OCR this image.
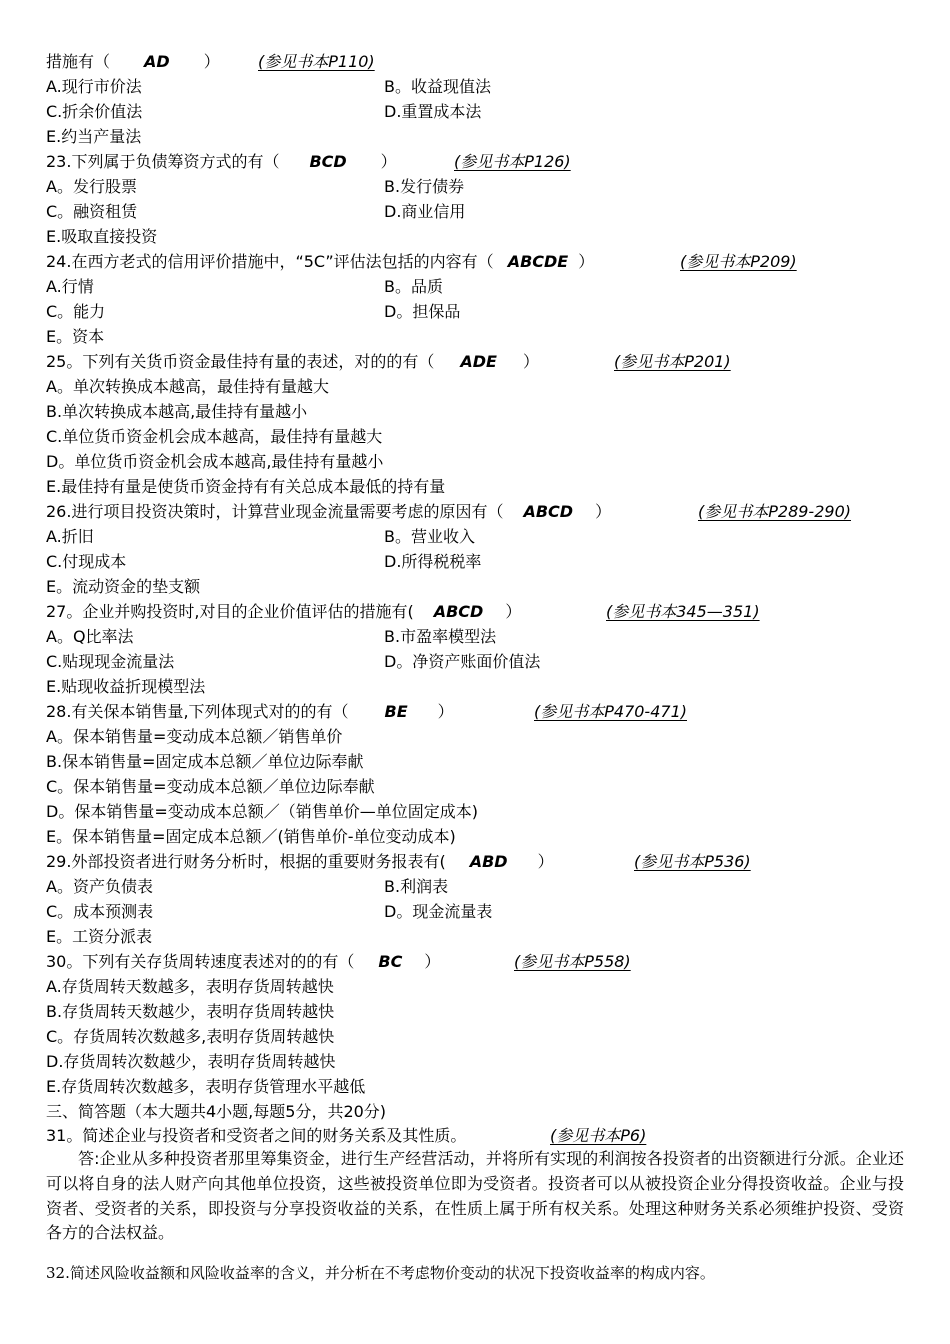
措施有（ AD ） (参见书本P110)
A.现行市价法	B。收益现值法
C.折余价值法	D.重置成本法
E.约当产量法
23.下列属于负债筹资方式的有（ BCD ）	(参见书本P126)
A。发行股票	B.发行债券
C。融资租赁	D.商业信用
E.吸取直接投资
24.在西方老式的信用评价措施中，“5C”评估法包括的内容有（ ABCDE ）	(参见书本P209)
A.行情	B。品质
C。能力	D。担保品
E。资本
25。下列有关货币资金最佳持有量的表述，对的的有（ ADE ）	(参见书本P201)
A。单次转换成本越高，最佳持有量越大
B.单次转换成本越高,最佳持有量越小
C.单位货币资金机会成本越高，最佳持有量越大
D。单位货币资金机会成本越高,最佳持有量越小
E.最佳持有量是使货币资金持有有关总成本最低的持有量
26.进行项目投资决策时，计算营业现金流量需要考虑的原因有（ ABCD ）	(参见书本P289-290)
A.折旧	B。营业收入
C.付现成本	D.所得税税率
E。流动资金的垫支额
27。企业并购投资时,对目的企业价值评估的措施有( ABCD ）	(参见书本345—351)
A。Q比率法	B.市盈率模型法
C.贴现现金流量法	D。净资产账面价值法
E.贴现收益折现模型法
28.有关保本销售量,下列体现式对的的有（ BE ）	(参见书本P470-471)
A。保本销售量=变动成本总额／销售单价
B.保本销售量=固定成本总额／单位边际奉献
C。保本销售量=变动成本总额／单位边际奉献
D。保本销售量=变动成本总额／（销售单价—单位固定成本)
E。保本销售量=固定成本总额／(销售单价-单位变动成本)
29.外部投资者进行财务分析时，根据的重要财务报表有( ABD ）	(参见书本P536)
A。资产负债表	B.利润表
C。成本预测表	D。现金流量表
E。工资分派表
30。下列有关存货周转速度表述对的的有（ BC ）	(参见书本P558)
A.存货周转天数越多，表明存货周转越快
B.存货周转天数越少，表明存货周转越快
C。存货周转次数越多,表明存货周转越快
D.存货周转次数越少，表明存货周转越快
E.存货周转次数越多，表明存货管理水平越低
三、简答题（本大题共4小题,每题5分，共20分)
31。简述企业与投资者和受资者之间的财务关系及其性质。	(参见书本P6)
答:企业从多种投资者那里筹集资金，进行生产经营活动，并将所有实现的利润按各投资者的出资额进行分派。企业还可以将自身的法人财产向其他单位投资，这些被投资单位即为受资者。投资者可以从被投资企业分得投资收益。企业与投资者、受资者的关系，即投资与分享投资收益的关系，在性质上属于所有权关系。处理这种财务关系必须维护投资、受资各方的合法权益。
32.简述风险收益额和风险收益率的含义，并分析在不考虑物价变动的状况下投资收益率的构成内容。
